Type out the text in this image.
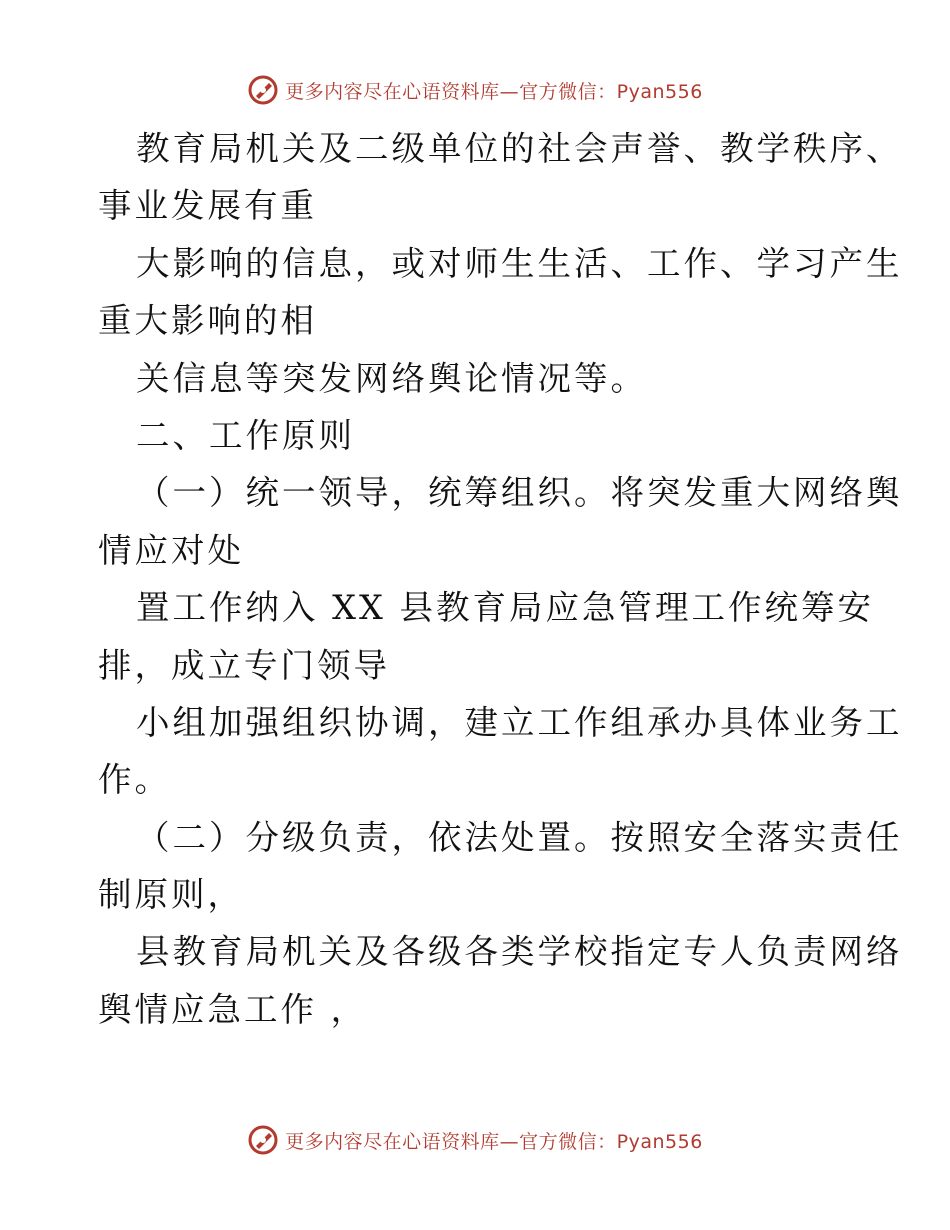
更多内容尽在心语资料库—官方微信：Pyan556
教育局机关及二级单位的社会声誉、教学秩序、
事业发展有重
大影响的信息，或对师生生活、工作、学习产生
重大影响的相
关信息等突发网络舆论情况等。
二、工作原则
（一）统一领导，统筹组织。将突发重大网络舆
情应对处
置工作纳入 XX 县教育局应急管理工作统筹安
排，成立专门领导
小组加强组织协调，建立工作组承办具体业务工
作。
（二）分级负责，依法处置。按照安全落实责任
制原则，
县教育局机关及各级各类学校指定专人负责网络
舆情应急工作 ，
更多内容尽在心语资料库—官方微信：Pyan556
